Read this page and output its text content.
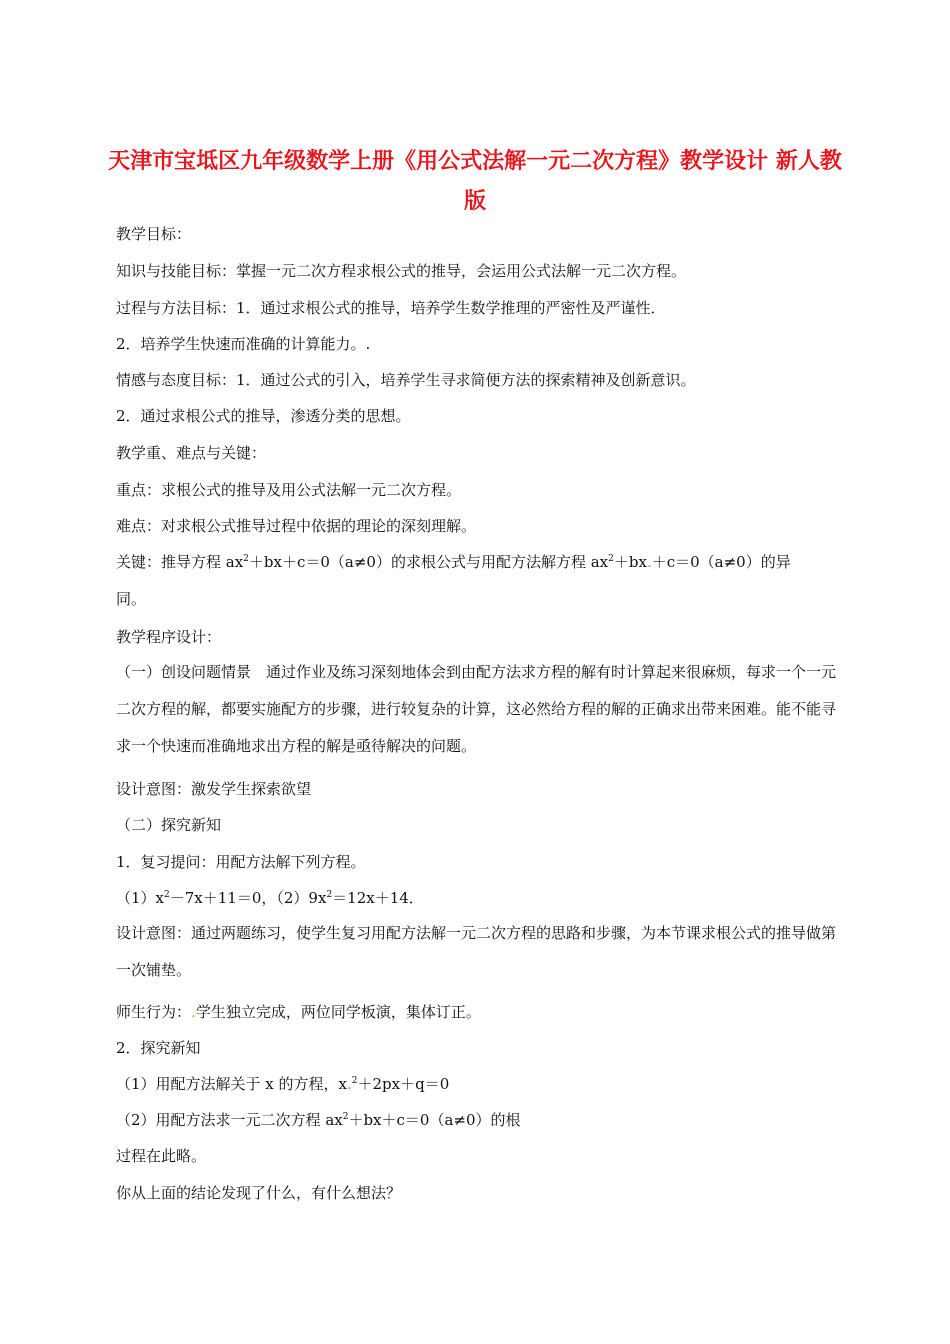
天津市宝坻区九年级数学上册《用公式法解一元二次方程》教学设计 新人教版

教学目标：

知识与技能目标：掌握一元二次方程求根公式的推导，会运用公式法解一元二次方程。

过程与方法目标：1．通过求根公式的推导，培养学生数学推理的严密性及严谨性．

2．培养学生快速而准确的计算能力。.

情感与态度目标：1．通过公式的引入，培养学生寻求简便方法的探索精神及创新意识。

2．通过求根公式的推导，渗透分类的思想。

教学重、难点与关键：

重点：求根公式的推导及用公式法解一元二次方程。

难点：对求根公式推导过程中依据的理论的深刻理解。

关键：推导方程 $ax^2+bx+c=0(a\ne 0)$的求根公式与用配方法解方程 $ax^2+bx.+c=0(a\ne 0)$的异

同。

教学程序设计：

（一）创设问题情景　通过作业及练习深刻地体会到由配方法求方程的解有时计算起来很麻烦，每求一个一元二次方程的解，都要实施配方的步骤，进行较复杂的计算，这必然给方程的解的正确求出带来困难。能不能寻求一个快速而准确地求出方程的解是亟待解决的问题。

设计意图：激发学生探索欲望

（二）探究新知

1．复习提问：用配方法解下列方程。

$(1)x^2-7x+11=0$，$(2)9x^2=12x+14$．

设计意图：通过两题练习，使学生复习用配方法解一元二次方程的思路和步骤，为本节课求根公式的推导做第一次铺垫。

师生行为：.学生独立完成，两位同学板演，集体订正。

2．探究新知

（1）用配方法解关于 x 的方程，x.$^2$＋2px＋q＝0

（2）用配方法求一元二次方程 $ax^2+bx+c=0(a\ne 0)$的根

过程在此略。

你从上面的结论发现了什么，有什么想法？
